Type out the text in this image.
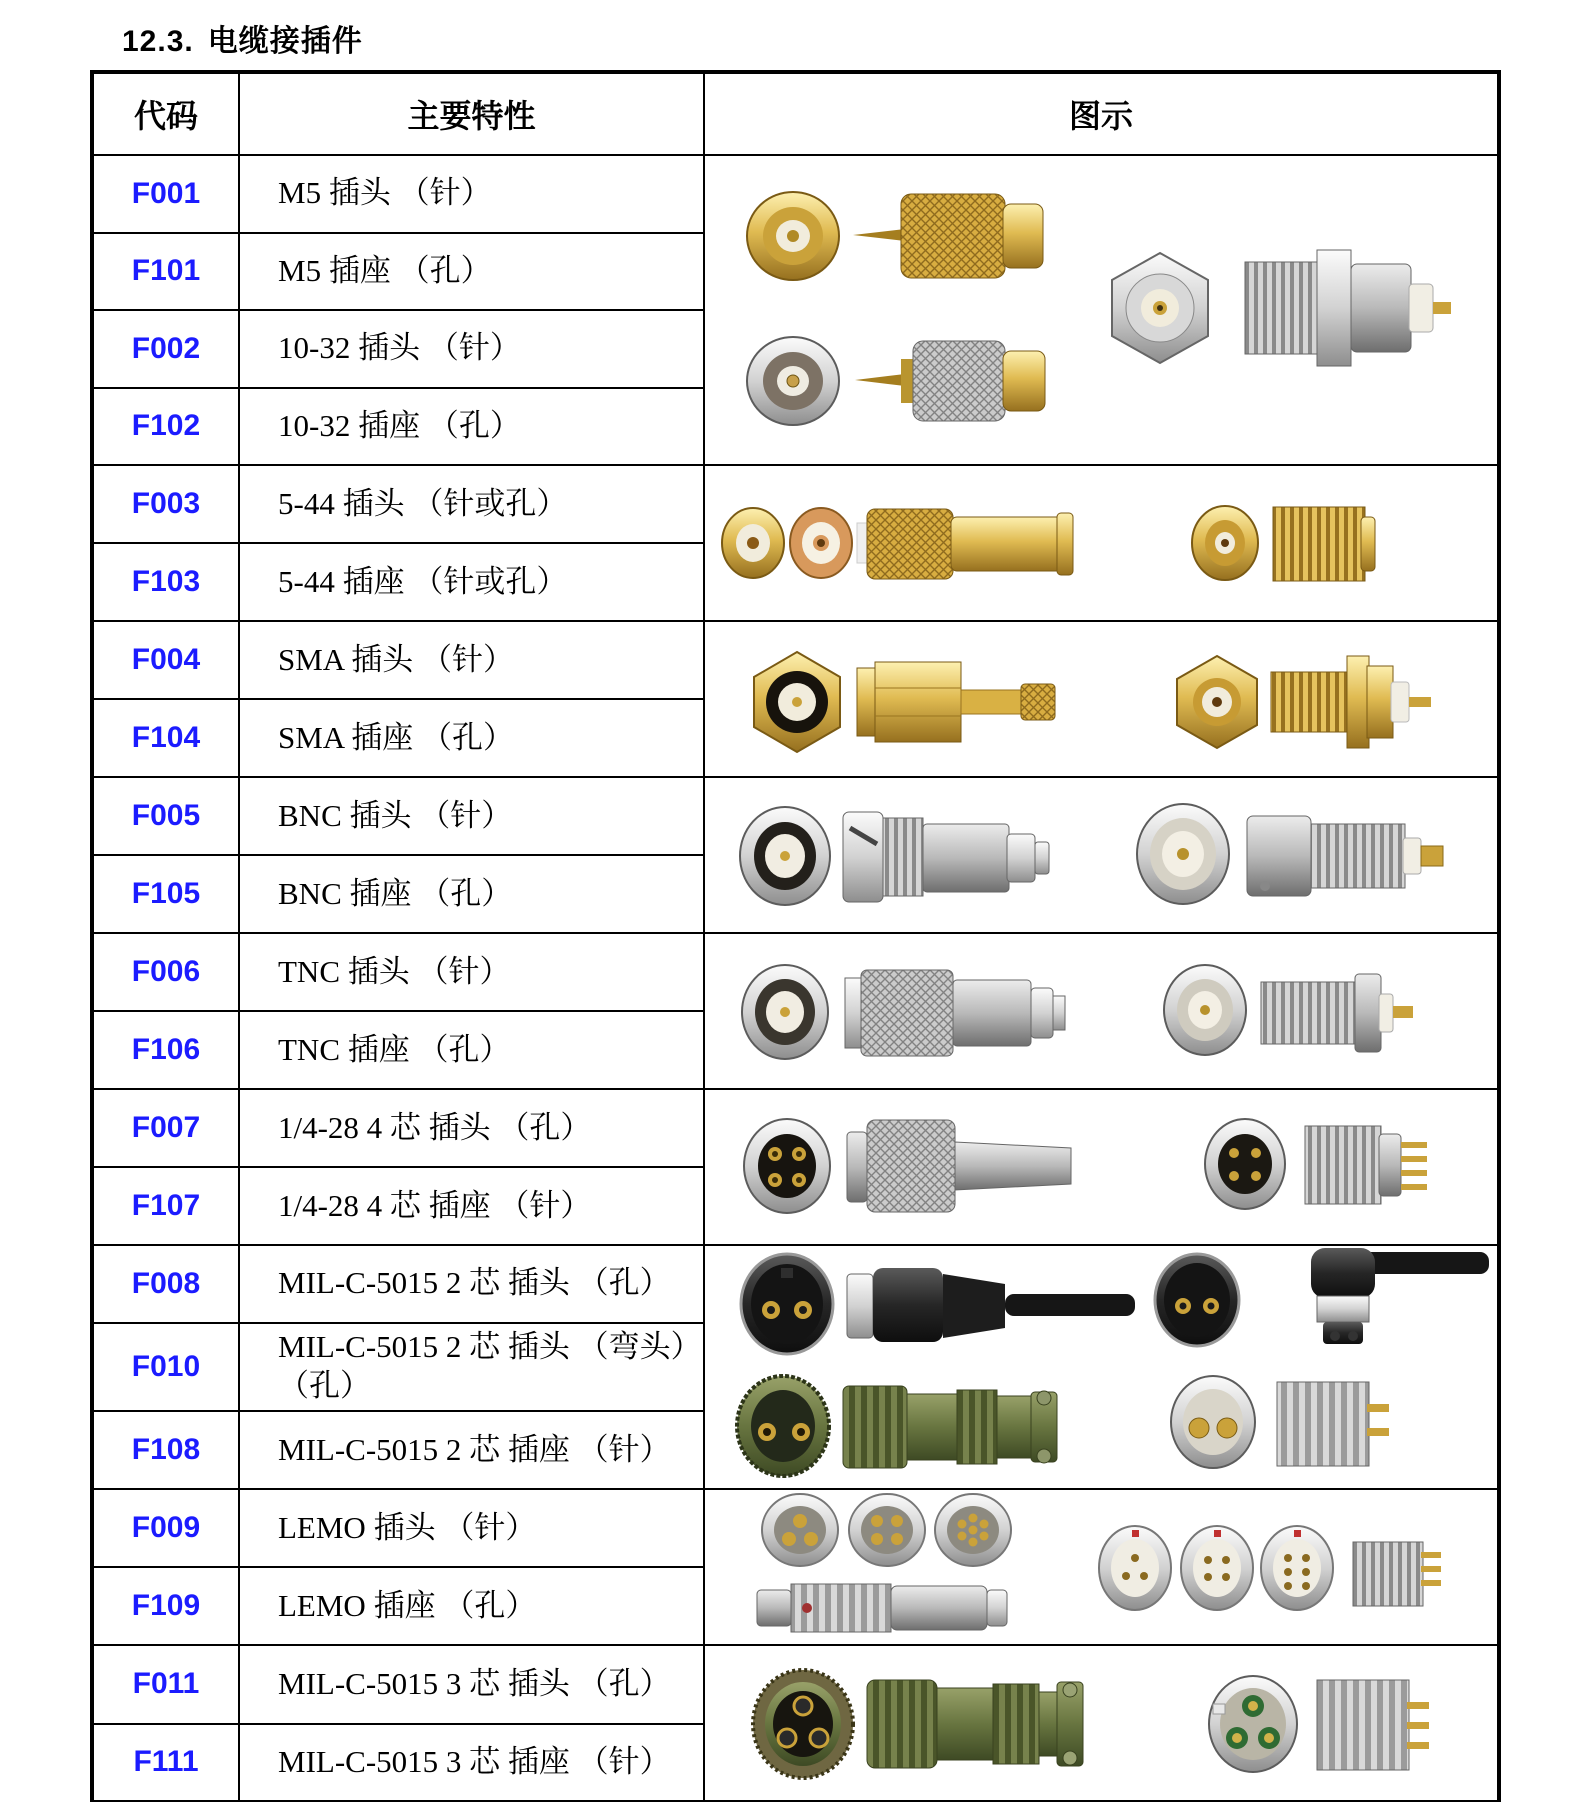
12.3. 电缆接插件
代码	主要特性	图示
F001	M5 插头 （针）	

F101	M5 插座 （孔）	
F002	10-32 插头 （针）	
F102	10-32 插座 （孔）	
F003	5-44 插头 （针或孔）	

F103	5-44 插座 （针或孔）	
F004	SMA 插头 （针）	

F104	SMA 插座 （孔）	
F005	BNC 插头 （针）	

F105	BNC 插座 （孔）	
F006	TNC 插头 （针）	

F106	TNC 插座 （孔）	
F007	1/4-28 4 芯 插头 （孔）	

F107	1/4-28 4 芯 插座 （针）	
F008	MIL-C-5015 2 芯 插头 （孔）	

F010	MIL-C-5015 2 芯 插头 （弯头）（孔）	
F108	MIL-C-5015 2 芯 插座 （针）	
F009	LEMO 插头 （针）	

F109	LEMO 插座 （孔）	
F011	MIL-C-5015 3 芯 插头 （孔）	

F111	MIL-C-5015 3 芯 插座 （针）	
